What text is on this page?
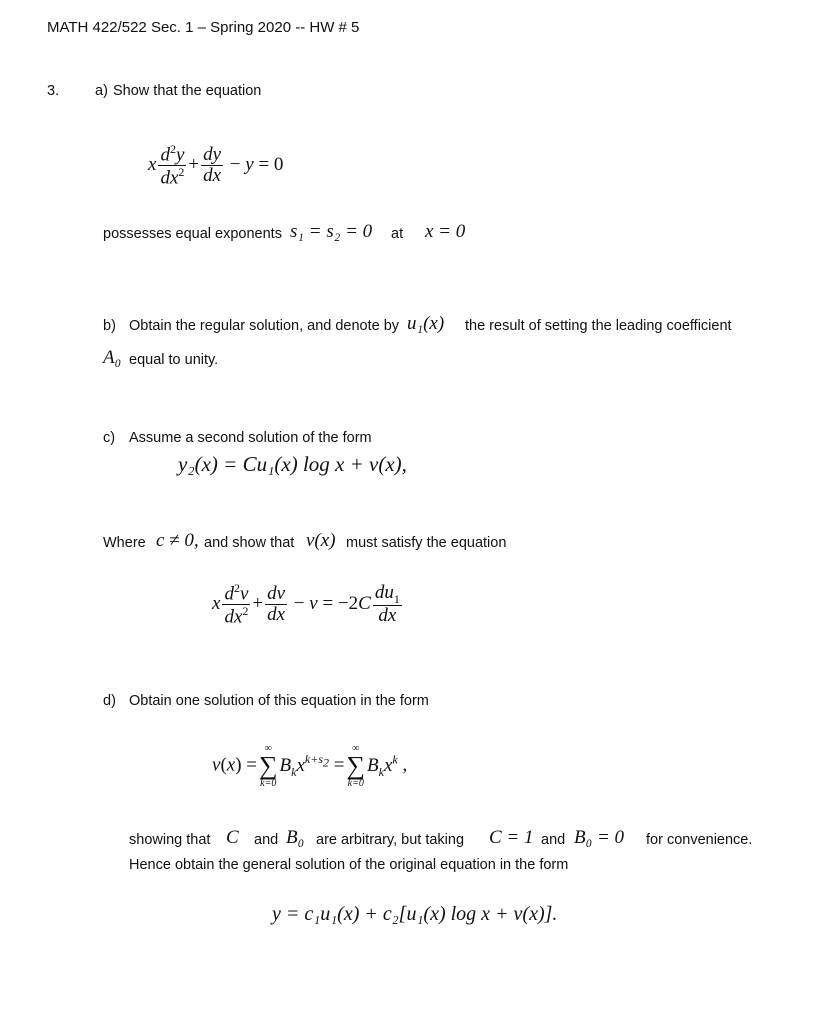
MATH 422/522 Sec. 1 – Spring 2020 -- HW # 5
3. a) Show that the equation
x $\frac{d^2y}{dx^2} + \frac{dy}{dx} - y = 0$
possesses equal exponents s₁ = s₂ = 0 at x = 0
b) Obtain the regular solution, and denote by u₁(x) the result of setting the leading coefficient
A₀ equal to unity.
c) Assume a second solution of the form
y₂(x) = Cu₁(x) log x + v(x),
Where c ≠ 0, and show that v(x) must satisfy the equation
x $\frac{d^2v}{dx^2} + \frac{dv}{dx} - v = -2C \frac{du_1}{dx}$
d) Obtain one solution of this equation in the form
v(x) =
∞
∑
k=0
$B_kx^{k+s_2}$ =
∞
∑
k=0
$B_kx^k$ ,
showing that C and B₀ are arbitrary, but taking C = 1 and B₀ = 0 for convenience.
Hence obtain the general solution of the original equation in the form
y = c₁u₁(x) + c₂[u₁(x) log x + v(x)].
